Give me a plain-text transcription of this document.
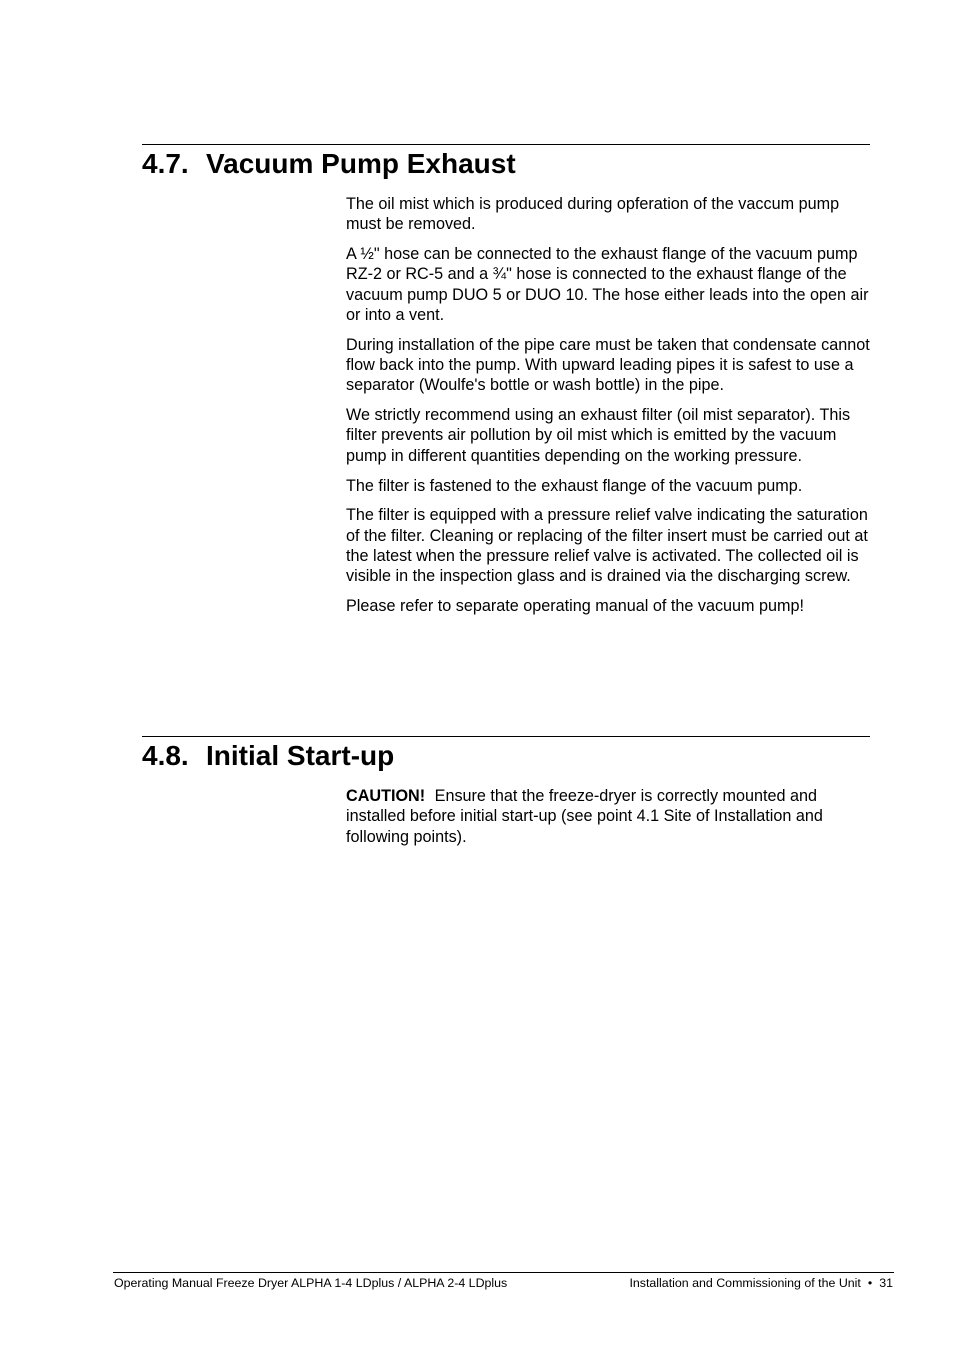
4.7. Vacuum Pump Exhaust

The oil mist which is produced during opferation of the vaccum pump must be removed.

A ½" hose can be connected to the exhaust flange of the vacuum pump RZ-2 or RC-5 and a ¾" hose is connected to the exhaust flange of the vacuum pump DUO 5 or DUO 10. The hose either leads into the open air or into a vent.

During installation of the pipe care must be taken that condensate cannot flow back into the pump. With upward leading pipes it is safest to use a separator (Woulfe's bottle or wash bottle) in the pipe.

We strictly recommend using an exhaust filter (oil mist separator). This filter prevents air pollution by oil mist which is emitted by the vacuum pump in different quantities depending on the working pressure.

The filter is fastened to the exhaust flange of the vacuum pump.

The filter is equipped with a pressure relief valve indicating the saturation of the filter. Cleaning or replacing of the filter insert must be carried out at the latest when the pressure relief valve is activated. The collected oil is visible in the inspection glass and is drained via the discharging screw.

Please refer to separate operating manual of the vacuum pump!

4.8. Initial Start-up

CAUTION! Ensure that the freeze-dryer is correctly mounted and installed before initial start-up (see point 4.1 Site of Installation and following points).

Operating Manual Freeze Dryer ALPHA 1-4 LDplus / ALPHA 2-4 LDplus	Installation and Commissioning of the Unit • 31
